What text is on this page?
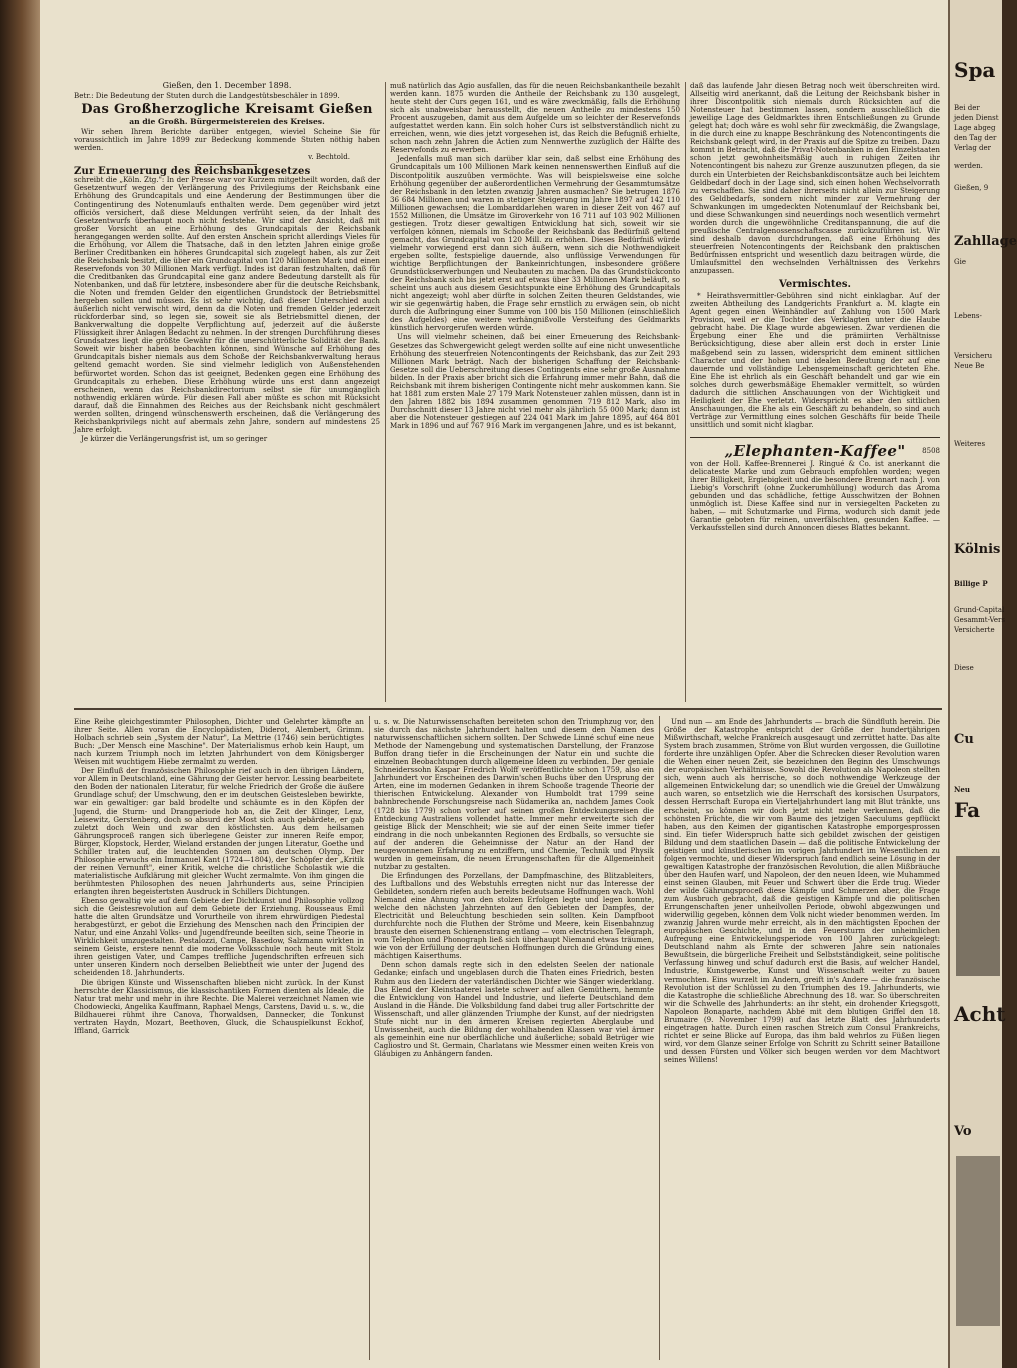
Gießen, den 1. December 1898.

Betr.: Die Bedeutung der Stuten durch die Landgestütsbeschäler in 1899.

Das Großherzogliche Kreisamt Gießen
an die Großh. Bürgermeistereien des Kreises.

Wir sehen Ihrem Berichte darüber entgegen, wieviel Scheine Sie für voraussichtlich im Jahre 1899 zur Bedeckung kommende Stuten nöthig haben werden.

v. Bechtold.
Zur Erneuerung des Reichsbankgesetzes

schreibt die „Köln. Ztg.": In der Presse war vor Kurzem mitgetheilt worden, daß der Gesetzentwurf wegen der Verlängerung des Privilegiums der Reichsbank eine Erhöhung des Grundcapitals und eine Aenderung der Bestimmungen über die Contingentirung des Notenumlaufs enthalten werde. Dem gegenüber wird jetzt officiös versichert, daß diese Meldungen verfrüht seien, da der Inhalt des Gesetzentwurfs überhaupt noch nicht feststehe. Wir sind der Ansicht, daß mit großer Vorsicht an eine Erhöhung des Grundcapitals der Reichsbank herangegangen werden sollte. Auf den ersten Anschein spricht allerdings Vieles für die Erhöhung, vor Allem die Thatsache, daß in den letzten Jahren einige große Berliner Creditbanken ein höheres Grundcapital sich zugelegt haben, als zur Zeit die Reichsbank besitzt, die über ein Grundcapital von 120 Millionen Mark und einen Reservefonds von 30 Millionen Mark verfügt. Indes ist daran festzuhalten, daß für die Creditbanken das Grundcapital eine ganz andere Bedeutung darstellt als für Notenbanken, und daß für letztere, insbesondere aber für die deutsche Reichsbank, die Noten und fremden Gelder den eigentlichen Grundstock der Betriebsmittel hergeben sollen und müssen. Es ist sehr wichtig, daß dieser Unterschied auch äußerlich nicht verwischt wird, denn da die Noten und fremden Gelder jederzeit rückforderbar sind, so legen sie, soweit sie als Betriebsmittel dienen, der Bankverwaltung die doppelte Verpflichtung auf, jederzeit auf die äußerste Flüssigkeit ihrer Anlagen Bedacht zu nehmen. In der strengen Durchführung dieses Grundsatzes liegt die größte Gewähr für die unerschütterliche Solidität der Bank. Soweit wir bisher haben beobachten können, sind Wünsche auf Erhöhung des Grundcapitals bisher niemals aus dem Schoße der Reichsbankverwaltung heraus geltend gemacht worden. Sie sind vielmehr lediglich von Außenstehenden befürwortet worden. Schon das ist geeignet, Bedenken gegen eine Erhöhung des Grundcapitals zu erheben. Diese Erhöhung würde uns erst dann angezeigt erscheinen, wenn das Reichsbankdirectorium selbst sie für unumgänglich nothwendig erklären würde. Für diesen Fall aber müßte es schon mit Rücksicht darauf, daß die Einnahmen des Reiches aus der Reichsbank nicht geschmälert werden sollten, dringend wünschenswerth erscheinen, daß die Verlängerung des Reichsbankprivilegs nicht auf abermals zehn Jahre, sondern auf mindestens 25 Jahre erfolgt.

Je kürzer die Verlängerungsfrist ist, um so geringer

muß natürlich das Agio ausfallen, das für die neuen Reichsbankantheile bezahlt werden kann. 1875 wurden die Antheile der Reichsbank zu 130 ausgelegt, heute steht der Curs gegen 161, und es wäre zweckmäßig, falls die Erhöhung sich als unabweisbar herausstellt, die neuen Antheile zu mindestens 150 Procent auszugeben, damit aus dem Aufgelde um so leichter der Reservefonds aufgestattet werden kann. Ein solch hoher Curs ist selbstverständlich nicht zu erreichen, wenn, wie dies jetzt vorgesehen ist, das Reich die Befugniß erhielte, schon nach zehn Jahren die Actien zum Nennwerthe zuzüglich der Hälfte des Reservefonds zu erwerben.

Jedenfalls muß man sich darüber klar sein, daß selbst eine Erhöhung des Grundcapitals um 100 Millionen Mark keinen nennenswerthen Einfluß auf die Discontpolitik auszuüben vermöchte. Was will beispielsweise eine solche Erhöhung gegenüber der außerordentlichen Vermehrung der Gesammtumsätze der Reichsbank in den letzten zwanzig Jahren ausmachen? Sie betrugen 1876 36 684 Millionen und waren in stetiger Steigerung im Jahre 1897 auf 142 110 Millionen gewachsen; die Lombarddarlehen waren in dieser Zeit von 467 auf 1552 Millionen, die Umsätze im Giroverkehr von 16 711 auf 103 902 Millionen gestiegen. Trotz dieser gewaltigen Entwicklung hat sich, soweit wir sie verfolgen können, niemals im Schooße der Reichsbank das Bedürfniß geltend gemacht, das Grundcapital von 120 Mill. zu erhöhen. Dieses Bedürfniß würde vielmehr vorwiegend erst dann sich äußern, wenn sich die Nothwendigkeit ergeben sollte, festspielige dauernde, also unflüssige Verwendungen für wichtige Berpflichtungen der Bankeinrichtungen, insbesondere größere Grundstückserwerbungen und Neubauten zu machen. Da das Grundstückconto der Reichsbank sich bis jetzt erst auf etwas über 33 Millionen Mark beläuft, so scheint uns auch aus diesem Gesichtspunkte eine Erhöhung des Grundcapitals nicht angezeigt; wohl aber dürfte in solchen Zeiten theuren Geldstandes, wie wir sie gegenwärtig haben, die Frage sehr ernstlich zu erwägen sein, ob nicht durch die Aufbringung einer Summe von 100 bis 150 Millionen (einschließlich des Aufgeldes) eine weitere verhängnißvolle Versteifung des Geldmarkts künstlich hervorgerufen werden würde.

Uns will vielmehr scheinen, daß bei einer Erneuerung des Reichsbank-Gesetzes das Schwergewicht gelegt werden sollte auf eine nicht unwesentliche Erhöhung des steuerfreien Notencontingents der Reichsbank, das zur Zeit 293 Millionen Mark beträgt. Nach der bisherigen Schaffung der Reichsbank-Gesetze soll die Ueberschreitung dieses Contingents eine sehr große Ausnahme bilden. In der Praxis aber bricht sich die Erfahrung immer mehr Bahn, daß die Reichsbank mit ihrem bisherigen Contingente nicht mehr auskommen kann. Sie hat 1881 zum ersten Male 27 179 Mark Notensteuer zahlen müssen, dann ist in den Jahren 1882 bis 1894 zusammen genommen 719 812 Mark, also im Durchschnitt dieser 13 Jahre nicht viel mehr als jährlich 55 000 Mark; dann ist aber die Notensteuer gestiegen auf 224 041 Mark im Jahre 1895, auf 464 801 Mark in 1896 und auf 767 916 Mark im vergangenen Jahre, und es ist bekannt,

daß das laufende Jahr diesen Betrag noch weit überschreiten wird. Allseitig wird anerkannt, daß die Leitung der Reichsbank bisher in ihrer Discontpolitik sich niemals durch Rücksichten auf die Notensteuer hat bestimmen lassen, sondern ausschließlich die jeweilige Lage des Geldmarktes ihren Entschließungen zu Grunde gelegt hat; doch wäre es wohl sehr für zweckmäßig, die Zwangslage, in die durch eine zu knappe Beschränkung des Notencontingents die Reichsbank gelegt wird, in der Praxis auf die Spitze zu treiben. Dazu kommt in Betracht, daß die Privat-Notenbanken in den Einzelstaaten schon jetzt gewohnheitsmäßig auch in ruhigen Zeiten ihr Notencontingent bis nahezu zur Grenze auszunutzen pflegen, da sie durch ein Unterbieten der Reichsbankdiscontsätze auch bei leichtem Geldbedarf doch in der Lage sind, sich einen hohen Wechselvorrath zu verschaffen. Sie sind daher ihrerseits nicht allein zur Steigerung des Geldbedarfs, sondern nicht minder zur Vermehrung der Schwankungen im umgedeckten Notenumlauf der Reichsbank bei, und diese Schwankungen sind neuerdings noch wesentlich vermehrt worden durch die ungewöhnliche Creditanspannung, die auf die preußische Centralgenossenschaftscasse zurückzuführen ist. Wir sind deshalb davon durchdrungen, daß eine Erhöhung des steuerfreien Notencontingents der Reichsbank den praktischen Bedürfnissen entspricht und wesentlich dazu beitragen würde, die Umlaufsmittel den wechselnden Verhältnissen des Verkehrs anzupassen.

Vermischtes.

* Heirathsvermittler-Gebühren sind nicht einklagbar. Auf der zweiten Abtheilung des Landgerichts Frankfurt a. M. klagte ein Agent gegen einen Weinhändler auf Zahlung von 1500 Mark Provision, weil er die Tochter des Verklagten unter die Haube gebracht habe. Die Klage wurde abgewiesen. Zwar verdienen die Ergebung einer Ehe und die prämiirten Verhältnisse Berücksichtigung, diese aber allein erst doch in erster Linie maßgebend sein zu lassen, widerspricht dem eminent sittlichen Character und der hohen und idealen Bedeutung der auf eine dauernde und vollständige Lebensgemeinschaft gerichteten Ehe. Eine Ehe ist ehrlich als ein Geschäft behandelt und gar wie ein solches durch gewerbsmäßige Ehemakler vermittelt, so würden dadurch die sittlichen Anschauungen von der Wichtigkeit und Heiligkeit der Ehe verletzt. Widerspricht es aber den sittlichen Anschauungen, die Ehe als ein Geschäft zu behandeln, so sind auch Verträge zur Vermittlung eines solchen Geschäfts für beide Theile unsittlich und somit nicht klagbar.

„Elephanten-Kaffee"	8508

von der Holl. Kaffee-Brennerei J. Ringué & Co. ist anerkannt die delicateste Marke und zum Gebrauch empfohlen worden; wegen ihrer Billigkeit, Ergiebigkeit und die besondere Brennart nach J. von Liebig's Vorschrift (ohne Zuckerumhüllung) wodurch das Aroma gebunden und das schädliche, fettige Ausschwitzen der Bohnen unmöglich ist. Diese Kaffee sind nur in versiegelten Packeten zu haben, — mit Schutzmarke und Firma, wodurch sich damit jede Garantie geboten für reinen, unverfälschten, gesunden Kaffee. — Verkaufsstellen sind durch Annoncen dieses Blattes bekannt.

Eine Reihe gleichgestimmter Philosophen, Dichter und Gelehrter kämpfte an ihrer Seite. Allen voran die Encyclopädisten, Diderot, Alembert, Grimm. Holbach schrieb sein „System der Natur", La Mettrie (1746) sein berüchtigtes Buch: „Der Mensch eine Maschine". Der Materialismus erhob kein Haupt, um nach kurzem Triumph noch im letzten Jahrhundert von dem Königsberger Weisen mit wuchtigem Hiebe zermalmt zu werden.

Der Einfluß der französischen Philosophie rief auch in den übrigen Ländern, vor Allem in Deutschland, eine Gährung der Geister hervor. Lessing bearbeitete den Boden der nationalen Literatur, für welche Friedrich der Große die äußere Grundlage schuf; der Umschwung, den er im deutschen Geistesleben bewirkte, war ein gewaltiger: gar bald brodelte und schäumte es in den Köpfen der Jugend, die Sturm- und Drangperiode hob an, die Zeit der Klinger, Lenz, Leisewitz, Gerstenberg, doch so absurd der Most sich auch gebärdete, er gab zuletzt doch Wein und zwar den köstlichsten. Aus dem heilsamen Gährungsproceß rangen sich überlegene Geister zur inneren Reife empor, Bürger, Klopstock, Herder, Wieland erstanden der jungen Literatur, Goethe und Schiller traten auf, die leuchtenden Sonnen am deutschen Olymp. Der Philosophie erwuchs ein Immanuel Kant (1724—1804), der Schöpfer der „Kritik der reinen Vernunft", einer Kritik, welche die christliche Scholastik wie die materialistische Aufklärung mit gleicher Wucht zermalmte. Von ihm gingen die berühmtesten Philosophen des neuen Jahrhunderts aus, seine Principien erlangten ihren begeistertsten Ausdruck in Schillers Dichtungen.

Ebenso gewaltig wie auf dem Gebiete der Dichtkunst und Philosophie vollzog sich die Geistesrevolution auf dem Gebiete der Erziehung. Rousseaus Emil hatte die alten Grundsätze und Vorurtheile von ihrem ehrwürdigen Piedestal herabgestürzt, er gebot die Erziehung des Menschen nach den Principien der Natur, und eine Anzahl Volks- und Jugendfreunde beeilten sich, seine Theorie in Wirklichkeit umzugestalten. Pestalozzi, Campe, Basedow, Salzmann wirkten in seinem Geiste, erstere nennt die moderne Volksschule noch heute mit Stolz ihren geistigen Vater, und Campes treffliche Jugendschriften erfreuen sich unter unseren Kindern noch derselben Beliebtheit wie unter der Jugend des scheidenden 18. Jahrhunderts.

Die übrigen Künste und Wissenschaften blieben nicht zurück. In der Kunst herrschte der Klassicismus, die klassischantiken Formen dienten als Ideale, die Natur trat mehr und mehr in ihre Rechte. Die Malerei verzeichnet Namen wie Chodowiecki, Angelika Kauffmann, Raphael Mengs, Carstens, David u. s. w., die Bildhauerei rühmt ihre Canova, Thorwaldsen, Dannecker, die Tonkunst vertraten Haydn, Mozart, Beethoven, Gluck, die Schauspielkunst Eckhof, Iffland, Garrick

u. s. w. Die Naturwissenschaften bereiteten schon den Triumphzug vor, den sie durch das nächste Jahrhundert halten und diesem den Namen des naturwissenschaftlichen sichern sollten. Der Schwede Linné schuf eine neue Methode der Namengebung und systematischen Darstellung, der Franzose Buffon drang tiefer in die Erscheinungen der Natur ein und suchte die einzelnen Beobachtungen durch allgemeine Ideen zu verbinden. Der geniale Schneiderssohn Kaspar Friedrich Wolff veröffentlichte schon 1759, also ein Jahrhundert vor Erscheinen des Darwin'schen Buchs über den Ursprung der Arten, eine im modernen Gedanken in ihrem Schooße tragende Theorie der thierischen Entwickelung. Alexander von Humboldt trat 1799 seine bahnbrechende Forschungsreise nach Südamerika an, nachdem James Cook (1728 bis 1779) schon vorher auf seinen großen Entdeckungsreisen die Entdeckung Australiens vollendet hatte. Immer mehr erweiterte sich der geistige Blick der Menschheit; wie sie auf der einen Seite immer tiefer eindrang in die noch unbekannten Regionen des Erdballs, so versuchte sie auf der anderen die Geheimnisse der Natur an der Hand der neugewonnenen Erfahrung zu entziffern, und Chemie, Technik und Physik wurden in gemeinsam, die neuen Errungenschaften für die Allgemeinheit nutzbar zu gestalten.

Die Erfindungen des Porzellans, der Dampfmaschine, des Blitzableiters, des Luftballons und des Webstuhls erregten nicht nur das Interesse der Gebildeten, sondern riefen auch bereits bedeutsame Hoffnungen wach. Wohl Niemand eine Ahnung von den stolzen Erfolgen legte und legen konnte, welche den nächsten Jahrzehnten auf den Gebieten der Dampfes, der Electricität und Beleuchtung beschieden sein sollten. Kein Dampfboot durchfurchte noch die Fluthen der Ströme und Meere, kein Eisenbahnzug brauste den eisernen Schienenstrang entlang — vom electrischen Telegraph, vom Telephon und Phonograph ließ sich überhaupt Niemand etwas träumen, wie von der Erfüllung der deutschen Hoffnungen durch die Gründung eines mächtigen Kaiserthums.

Denn schon damals regte sich in den edelsten Seelen der nationale Gedanke; einfach und ungeblasen durch die Thaten eines Friedrich, besten Ruhm aus den Liedern der vaterländischen Dichter wie Sänger wiederklang. Das Elend der Kleinstaaterei lastete schwer auf allen Gemüthern, hemmte die Entwicklung von Handel und Industrie, und lieferte Deutschland dem Ausland in die Hände. Die Volksbildung fand dabei trug aller Fortschritte der Wissenschaft, und aller glänzenden Triumphe der Kunst, auf der niedrigsten Stufe nicht nur in den ärmeren Kreisen regierten Aberglaube und Unwissenheit, auch die Bildung der wohlhabenden Klassen war viel ärmer als gemeinhin eine nur oberflächliche und äußerliche; sobald Betrüger wie Cagliostro und St. Germain, Charlatans wie Messmer einen weiten Kreis von Gläubigen zu Anhängern fanden.

Und nun — am Ende des Jahrhunderts — brach die Sündfluth herein. Die Größe der Katastrophe entspricht der Größe der hundertjährigen Mißwirthschaft, welche Frankreich ausgesaugt und zerrüttet hatte. Das alte System brach zusammen, Ströme von Blut wurden vergossen, die Guillotine forderte ihre unzähligen Opfer. Aber die Schrecken dieser Revolution waren die Wehen einer neuen Zeit, sie bezeichnen den Beginn des Umschwungs der europäischen Verhältnisse. Sowohl die Revolution als Napoleon stellten sich, wenn auch als herrische, so doch nothwendige Werkzeuge der allgemeinen Entwickelung dar; so unendlich wie die Greuel der Umwälzung auch waren, so entsetzlich wie die Herrschaft des korsischen Usurpators, dessen Herrschaft Europa ein Vierteljahrhundert lang mit Blut tränkte, uns erscheint, so können wir doch jetzt nicht mehr verkennen, daß die schönsten Früchte, die wir vom Baume des jetzigen Saeculums gepflückt haben, aus den Keimen der gigantischen Katastrophe emporgesprossen sind. Ein tiefer Widerspruch hatte sich gebildet zwischen der geistigen Bildung und dem staatlichen Dasein — daß die politische Entwickelung der geistigen und künstlerischen im vorigen Jahrhundert im Wesentlichen zu folgen vermochte, und dieser Widerspruch fand endlich seine Lösung in der gewaltigen Katastrophe der französischen Revolution, die allen Mißbräuche über den Haufen warf, und Napoleon, der den neuen Ideen, wie Muhammed einst seinen Glauben, mit Feuer und Schwert über die Erde trug. Wieder der wilde Gährungsproceß diese Kämpfe und Schmerzen aber, die Frage zum Ausbruch gebracht, daß die geistigen Kämpfe und die politischen Errungenschaften jener unheilvollen Periode, obwohl abgezwungen und widerwillig gegeben, können dem Volk nicht wieder benommen werden. Im zwanzig Jahren wurde mehr erreicht, als in den mächtigsten Epochen der europäischen Geschichte, und in den Feuersturm der unheimlichen Aufregung eine Entwickelungsperiode von 100 Jahren zurückgelegt: Deutschland nahm als Ernte der schweren Jahre sein nationales Bewußtsein, die bürgerliche Freiheit und Selbstständigkeit, seine politische Verfassung hinweg und schuf dadurch erst die Basis, auf welcher Handel, Industrie, Kunstgewerbe, Kunst und Wissenschaft weiter zu bauen vermochten. Eins wurzelt im Andern, greift in's Andere — die französische Revolution ist der Schlüssel zu den Triumphen des 19. Jahrhunderts, wie die Katastrophe die schließliche Abrechnung des 18. war. So überschreiten wir die Schwelle des Jahrhunderts: an ihr steht, ein drohender Kriegsgott, Napoleon Bonaparte, nachdem Abbé mit dem blutigen Griffel den 18. Brumaire (9. November 1799) auf das letzte Blatt des Jahrhunderts eingetragen hatte. Durch einen raschen Streich zum Consul Frankreichs, richtet er seine Blicke auf Europa, das ihm bald wehrlos zu Füßen liegen wird, vor dem Glanze seiner Erfolge von Schritt zu Schritt seiner Bataillone und dessen Fürsten und Völker sich beugen werden vor dem Machtwort seines Willens!

Spa
Bei der
jeden Dienst
Lage abgeg
den Tag der
Verlag der
werden.
Gießen, 9
Zahllage
Gie
Lebens-
Versicheru
Neue Be
Weiteres
Kölnis
Billige P
Grund-Capital
Gesammt-Vers
Versicherte
Diese
Cu
Neu
Fa
Acht
Vo
